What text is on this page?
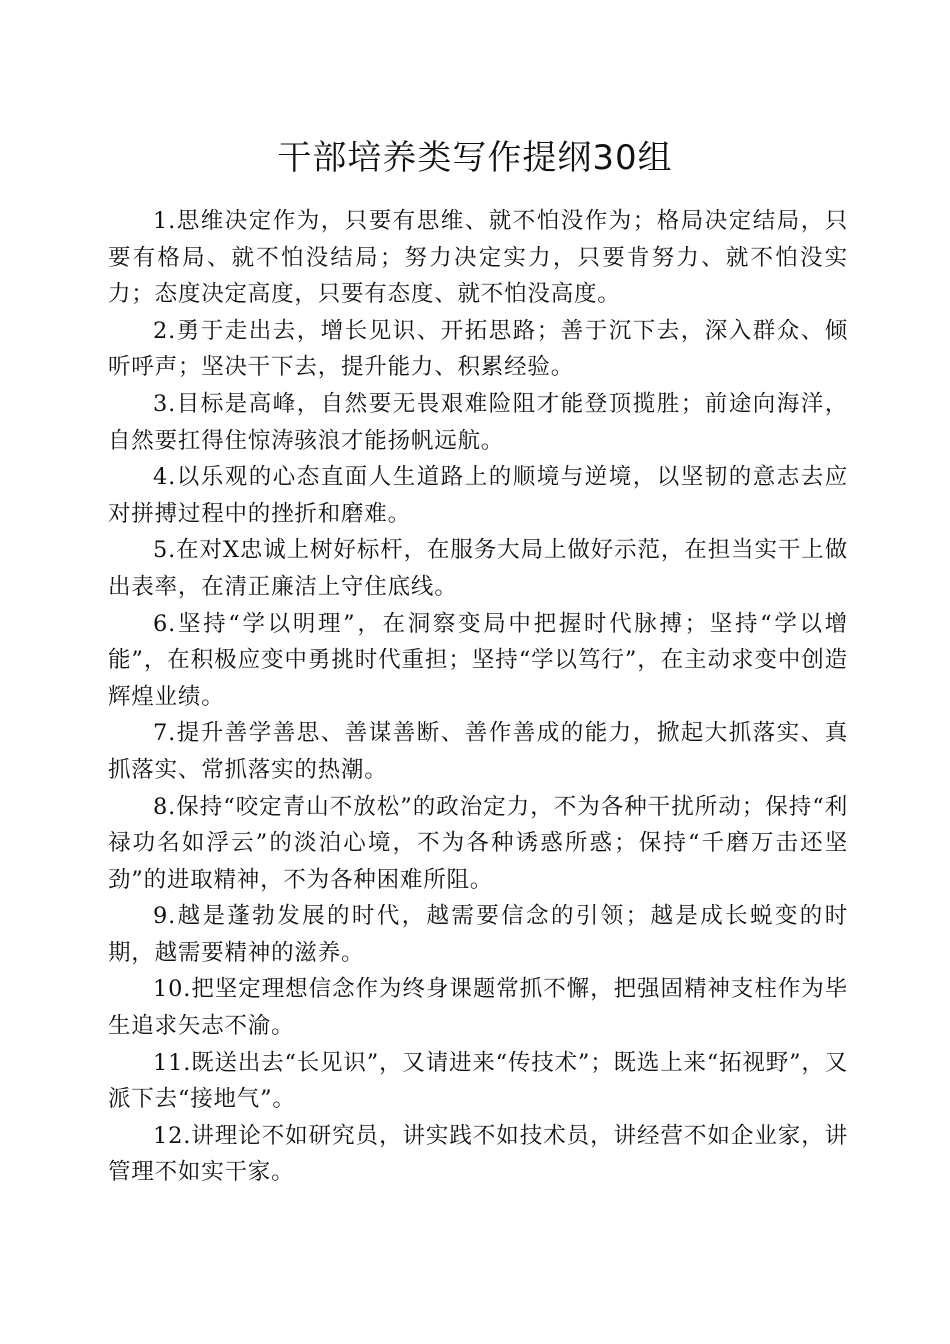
干部培养类写作提纲30组

1.思维决定作为，只要有思维、就不怕没作为；格局决定结局，只要有格局、就不怕没结局；努力决定实力，只要肯努力、就不怕没实力；态度决定高度，只要有态度、就不怕没高度。

2.勇于走出去，增长见识、开拓思路；善于沉下去，深入群众、倾听呼声；坚决干下去，提升能力、积累经验。

3.目标是高峰，自然要无畏艰难险阻才能登顶揽胜；前途向海洋，自然要扛得住惊涛骇浪才能扬帆远航。

4.以乐观的心态直面人生道路上的顺境与逆境，以坚韧的意志去应对拼搏过程中的挫折和磨难。

5.在对X忠诚上树好标杆，在服务大局上做好示范，在担当实干上做出表率，在清正廉洁上守住底线。

6.坚持“学以明理”，在洞察变局中把握时代脉搏；坚持“学以增能”，在积极应变中勇挑时代重担；坚持“学以笃行”，在主动求变中创造辉煌业绩。

7.提升善学善思、善谋善断、善作善成的能力，掀起大抓落实、真抓落实、常抓落实的热潮。

8.保持“咬定青山不放松”的政治定力，不为各种干扰所动；保持“利禄功名如浮云”的淡泊心境，不为各种诱惑所惑；保持“千磨万击还坚劲”的进取精神，不为各种困难所阻。

9.越是蓬勃发展的时代，越需要信念的引领；越是成长蜕变的时期，越需要精神的滋养。

10.把坚定理想信念作为终身课题常抓不懈，把强固精神支柱作为毕生追求矢志不渝。

11.既送出去“长见识”，又请进来“传技术”；既选上来“拓视野”，又派下去“接地气”。

12.讲理论不如研究员，讲实践不如技术员，讲经营不如企业家，讲管理不如实干家。
